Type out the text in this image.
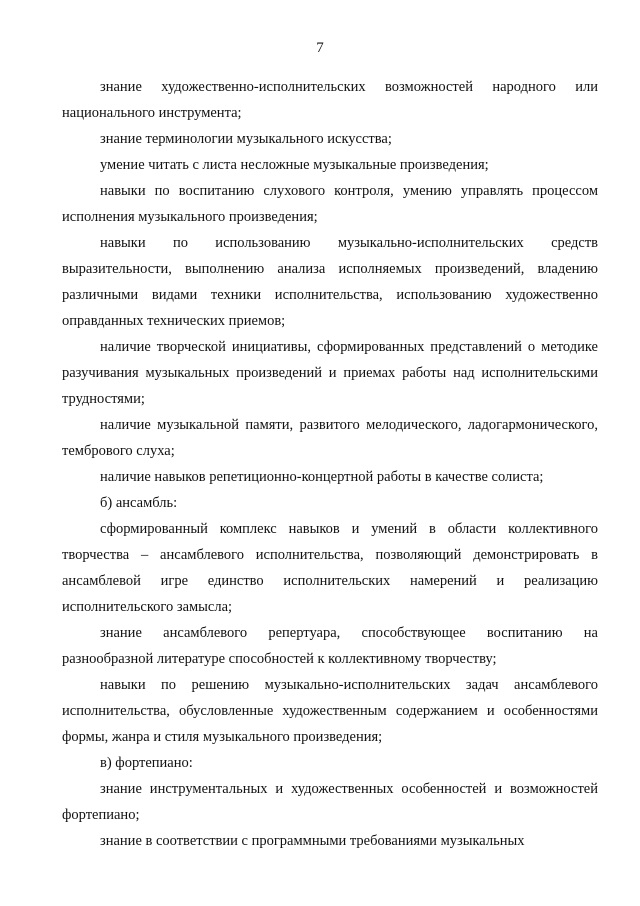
7

знание художественно-исполнительских возможностей народного или национального инструмента;

знание терминологии музыкального искусства;

умение читать с листа несложные музыкальные произведения;

навыки по воспитанию слухового контроля, умению управлять процессом исполнения музыкального произведения;

навыки по использованию музыкально-исполнительских средств выразительности, выполнению анализа исполняемых произведений, владению различными видами техники исполнительства, использованию художественно оправданных технических приемов;

наличие творческой инициативы, сформированных представлений о методике разучивания музыкальных произведений и приемах работы над исполнительскими трудностями;

наличие музыкальной памяти, развитого мелодического, ладогармонического, тембрового слуха;

наличие навыков репетиционно-концертной работы в качестве солиста;

б) ансамбль:

сформированный комплекс навыков и умений в области коллективного творчества – ансамблевого исполнительства, позволяющий демонстрировать в ансамблевой игре единство исполнительских намерений и реализацию исполнительского замысла;

знание ансамблевого репертуара, способствующее воспитанию на разнообразной литературе способностей к коллективному творчеству;

навыки по решению музыкально-исполнительских задач ансамблевого исполнительства, обусловленные художественным содержанием и особенностями формы, жанра и стиля музыкального произведения;

в) фортепиано:

знание инструментальных и художественных особенностей и возможностей фортепиано;

знание в соответствии с программными требованиями музыкальных
